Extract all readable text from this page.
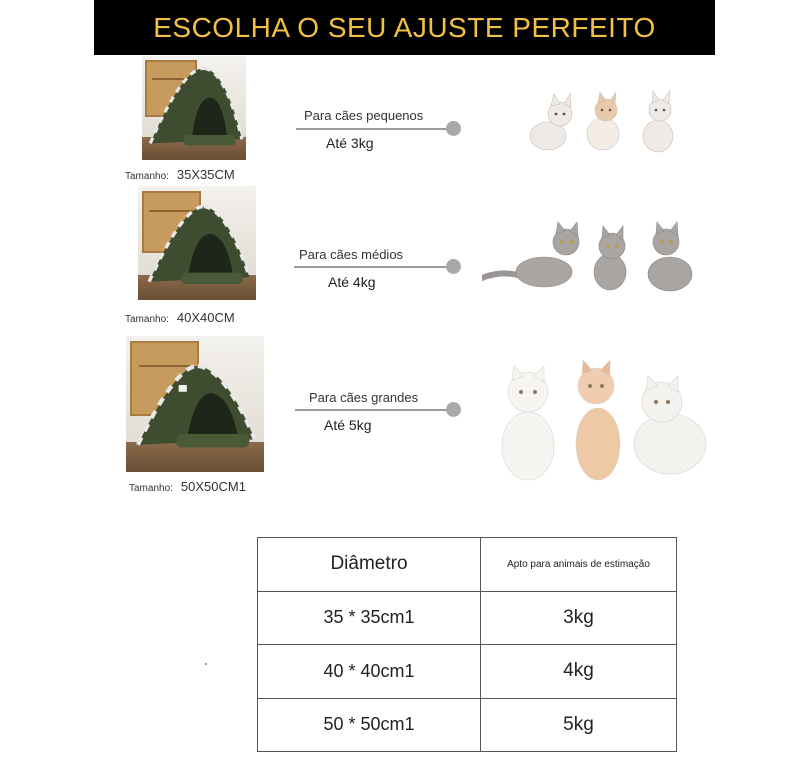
ESCOLHA O SEU AJUSTE PERFEITO
Tamanho: 35X35CM
Para cães pequenos
Até 3kg
Tamanho: 40X40CM
Para cães médios
Até 4kg
Tamanho: 50X50CM1
Para cães grandes
Até 5kg
Diâmetro	Apto para animais de estimação
35 * 35cm1	3kg
40 * 40cm1	4kg
50 * 50cm1	5kg
